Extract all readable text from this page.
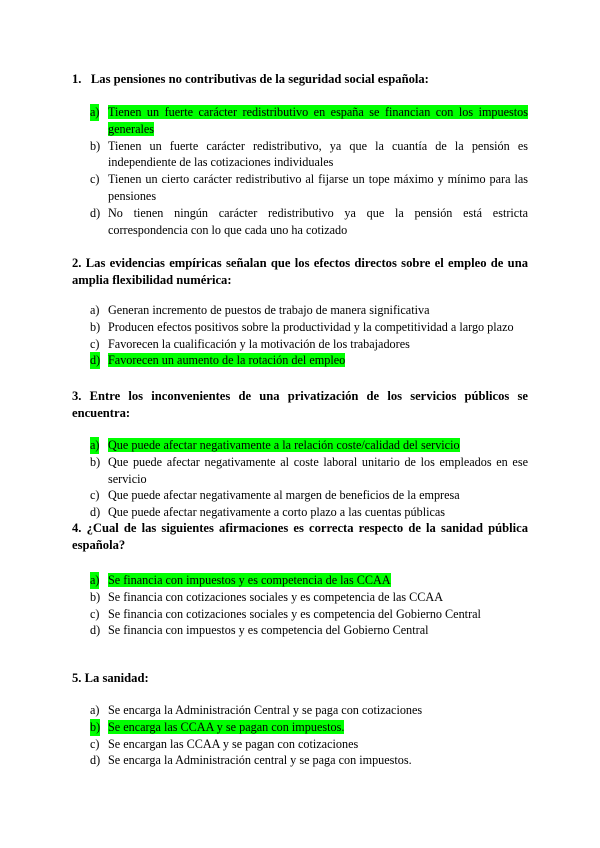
1.   Las pensiones no contributivas de la seguridad social española:

a) Tienen un fuerte carácter redistributivo en españa se financian con los impuestos generales
b) Tienen un fuerte carácter redistributivo, ya que la cuantía de la pensión es independiente de las cotizaciones individuales
c) Tienen un cierto carácter redistributivo al fijarse un tope máximo y mínimo para las pensiones
d) No tienen ningún carácter redistributivo ya que la pensión está estricta correspondencia con lo que cada uno ha cotizado

2. Las evidencias empíricas señalan que los efectos directos sobre el empleo de una amplia flexibilidad numérica:

a) Generan incremento de puestos de trabajo de manera significativa
b) Producen efectos positivos sobre la productividad y la competitividad a largo plazo
c) Favorecen la cualificación y la motivación de los trabajadores
d) Favorecen un aumento de la rotación del empleo

3. Entre los inconvenientes de una privatización de los servicios públicos se encuentra:

a) Que puede afectar negativamente a la relación coste/calidad del servicio
b) Que puede afectar negativamente al coste laboral unitario de los empleados en ese servicio
c) Que puede afectar negativamente al margen de beneficios de la empresa
d) Que puede afectar negativamente a corto plazo a las cuentas públicas

4. ¿Cual de las siguientes afirmaciones es correcta respecto de la sanidad pública española?

a) Se financia con impuestos y es competencia de las CCAA
b) Se financia con cotizaciones sociales y es competencia de las CCAA
c) Se financia con cotizaciones sociales y es competencia del Gobierno Central
d) Se financia con impuestos y es competencia del Gobierno Central

5. La sanidad:

a) Se encarga la Administración Central y se paga con cotizaciones
b) Se encarga las CCAA y se pagan con impuestos.
c) Se encargan las CCAA y se pagan con cotizaciones
d) Se encarga la Administración central y se paga con impuestos.
